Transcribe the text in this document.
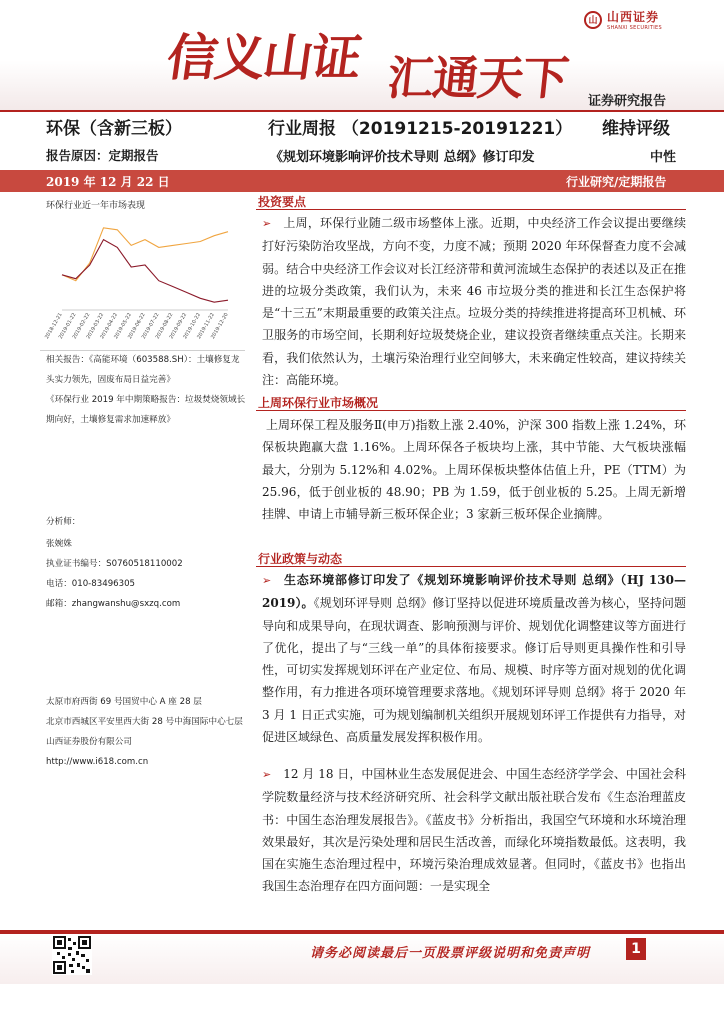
信义山证 汇通天下
山 山西证券
SHANXI SECURITIES
证券研究报告
环保（含新三板）	行业周报 （20191215-20191221） 维持评级
报告原因：定期报告	《规划环境影响评价技术导则 总纲》修订印发	中性
2019 年 12 月 22 日	行业研究/定期报告
环保行业近一年市场表现
2018-12-21
2019-01-22
2019-02-22
2019-03-22
2019-04-22
2019-05-22
2019-06-22
2019-07-22
2019-08-22
2019-09-22
2019-10-22
2019-11-22
2019-12-20
相关报告：《高能环境（603588.SH）：土壤修复龙头实力领先，固废布局日益完善》
《环保行业 2019 年中期策略报告：垃圾焚烧领域长期向好，土壤修复需求加速释放》
分析师：
张婉姝
执业证书编号：S0760518110002
电话：010-83496305
邮箱：zhangwanshu@sxzq.com
太原市府西街 69 号国贸中心 A 座 28 层
北京市西城区平安里西大街 28 号中海国际中心七层
山西证券股份有限公司
http://www.i618.com.cn
投资要点
➢ 上周，环保行业随二级市场整体上涨。近期，中央经济工作会议提出要继续打好污染防治攻坚战，方向不变，力度不减；预期 2020 年环保督查力度不会减弱。结合中央经济工作会议对长江经济带和黄河流域生态保护的表述以及正在推进的垃圾分类政策，我们认为，未来 46 市垃圾分类的推进和长江生态保护将是“十三五”末期最重要的政策关注点。垃圾分类的持续推进将提高环卫机械、环卫服务的市场空间，长期利好垃圾焚烧企业，建议投资者继续重点关注。长期来看，我们依然认为，土壤污染治理行业空间够大，未来确定性较高，建议持续关注：高能环境。
上周环保行业市场概况
上周环保工程及服务Ⅱ(申万)指数上涨 2.40%，沪深 300 指数上涨 1.24%，环保板块跑赢大盘 1.16%。上周环保各子板块均上涨，其中节能、大气板块涨幅最大，分别为 5.12%和 4.02%。上周环保板块整体估值上升，PE（TTM）为 25.96，低于创业板的 48.90；PB 为 1.59，低于创业板的 5.25。上周无新增挂牌、申请上市辅导新三板环保企业；3 家新三板环保企业摘牌。
行业政策与动态
➢ 生态环境部修订印发了《规划环境影响评价技术导则 总纲》（HJ 130—2019）。《规划环评导则 总纲》修订坚持以促进环境质量改善为核心，坚持问题导向和成果导向，在现状调查、影响预测与评价、规划优化调整建议等方面进行了优化，提出了与“三线一单”的具体衔接要求。修订后导则更具操作性和引导性，可切实发挥规划环评在产业定位、布局、规模、时序等方面对规划的优化调整作用，有力推进各项环境管理要求落地。《规划环评导则 总纲》将于 2020 年 3 月 1 日正式实施，可为规划编制机关组织开展规划环评工作提供有力指导，对促进区域绿色、高质量发展发挥积极作用。
➢ 12 月 18 日，中国林业生态发展促进会、中国生态经济学学会、中国社会科学院数量经济与技术经济研究所、社会科学文献出版社联合发布《生态治理蓝皮书：中国生态治理发展报告》。《蓝皮书》分析指出，我国空气环境和水环境治理效果最好，其次是污染处理和居民生活改善，而绿化环境指数最低。这表明，我国在实施生态治理过程中，环境污染治理成效显著。但同时，《蓝皮书》也指出我国生态治理存在四方面问题：一是实现全
请务必阅读最后一页股票评级说明和免责声明	1
